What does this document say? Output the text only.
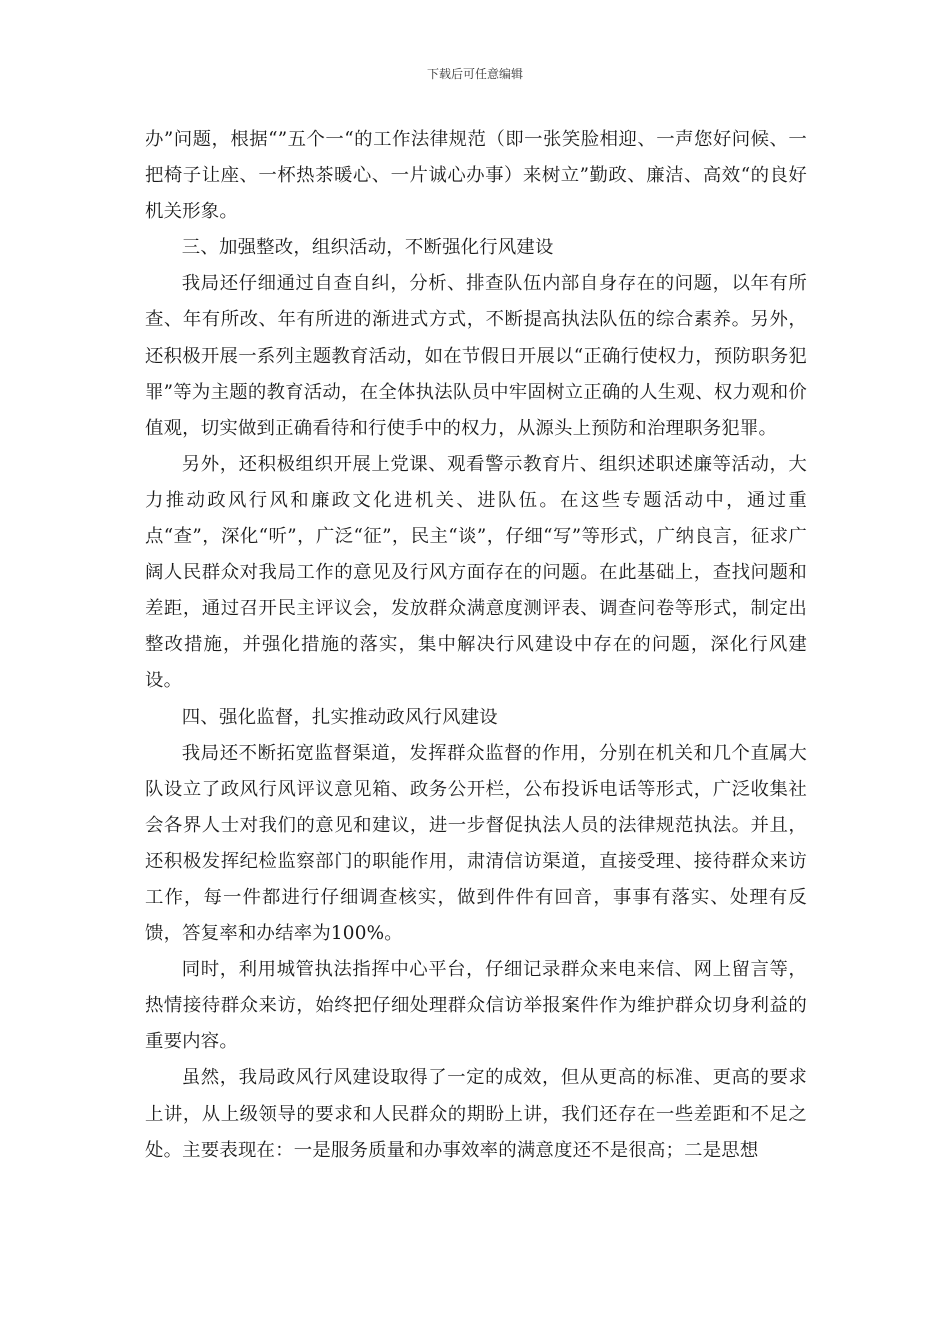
下载后可任意编辑

办”问题，根据“”五个一“的工作法律规范（即一张笑脸相迎、一声您好问候、一把椅子让座、一杯热茶暖心、一片诚心办事）来树立”勤政、廉洁、高效“的良好机关形象。

三、加强整改，组织活动，不断强化行风建设

我局还仔细通过自查自纠，分析、排查队伍内部自身存在的问题，以年有所查、年有所改、年有所进的渐进式方式，不断提高执法队伍的综合素养。另外，还积极开展一系列主题教育活动，如在节假日开展以“正确行使权力，预防职务犯罪”等为主题的教育活动，在全体执法队员中牢固树立正确的人生观、权力观和价值观，切实做到正确看待和行使手中的权力，从源头上预防和治理职务犯罪。

另外，还积极组织开展上党课、观看警示教育片、组织述职述廉等活动，大力推动政风行风和廉政文化进机关、进队伍。在这些专题活动中，通过重点“查”，深化“听”，广泛“征”，民主“谈”，仔细“写”等形式，广纳良言，征求广阔人民群众对我局工作的意见及行风方面存在的问题。在此基础上，查找问题和差距，通过召开民主评议会，发放群众满意度测评表、调查问卷等形式，制定出整改措施，并强化措施的落实，集中解决行风建设中存在的问题，深化行风建设。

四、强化监督，扎实推动政风行风建设

我局还不断拓宽监督渠道，发挥群众监督的作用，分别在机关和几个直属大队设立了政风行风评议意见箱、政务公开栏，公布投诉电话等形式，广泛收集社会各界人士对我们的意见和建议，进一步督促执法人员的法律规范执法。并且，还积极发挥纪检监察部门的职能作用，肃清信访渠道，直接受理、接待群众来访工作，每一件都进行仔细调查核实，做到件件有回音，事事有落实、处理有反馈，答复率和办结率为100%。

同时，利用城管执法指挥中心平台，仔细记录群众来电来信、网上留言等，热情接待群众来访，始终把仔细处理群众信访举报案件作为维护群众切身利益的重要内容。

虽然，我局政风行风建设取得了一定的成效，但从更高的标准、更高的要求上讲，从上级领导的要求和人民群众的期盼上讲，我们还存在一些差距和不足之处。主要表现在：一是服务质量和办事效率的满意度还不是很高；二是思想
